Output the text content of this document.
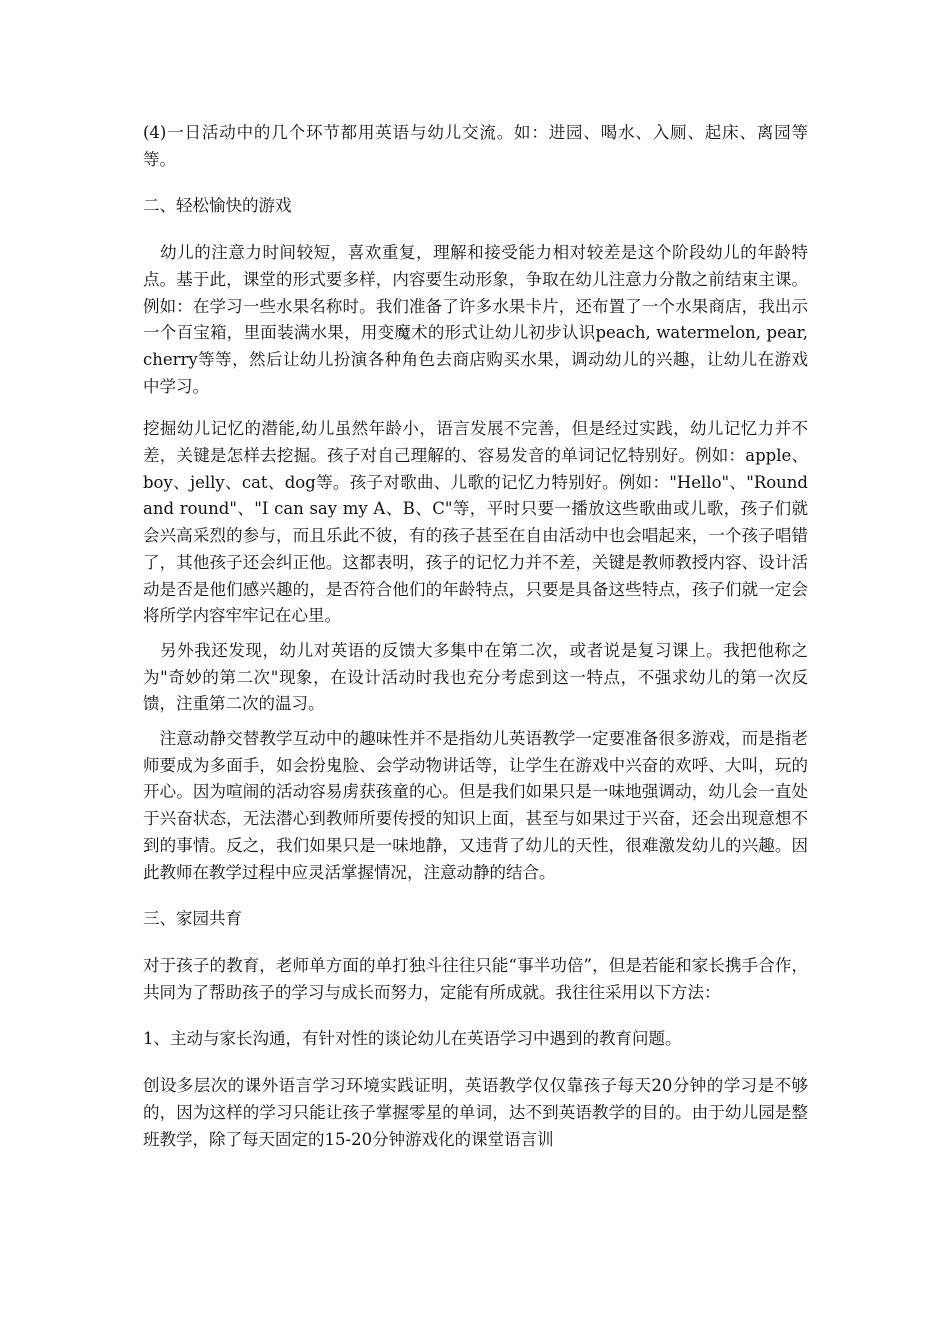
(4)一日活动中的几个环节都用英语与幼儿交流。如：进园、喝水、入厕、起床、离园等等。

二、轻松愉快的游戏

　幼儿的注意力时间较短，喜欢重复，理解和接受能力相对较差是这个阶段幼儿的年龄特点。基于此，课堂的形式要多样，内容要生动形象，争取在幼儿注意力分散之前结束主课。例如：在学习一些水果名称时。我们准备了许多水果卡片，还布置了一个水果商店，我出示一个百宝箱，里面装满水果，用变魔术的形式让幼儿初步认识peach, watermelon, pear, cherry等等，然后让幼儿扮演各种角色去商店购买水果，调动幼儿的兴趣，让幼儿在游戏中学习。

挖掘幼儿记忆的潜能,幼儿虽然年龄小，语言发展不完善，但是经过实践，幼儿记忆力并不差，关键是怎样去挖掘。孩子对自己理解的、容易发音的单词记忆特别好。例如：apple、boy、jelly、cat、dog等。孩子对歌曲、儿歌的记忆力特别好。例如："Hello"、"Round and round"、"I can say my A、B、C"等，平时只要一播放这些歌曲或儿歌，孩子们就会兴高采烈的参与，而且乐此不彼，有的孩子甚至在自由活动中也会唱起来，一个孩子唱错了，其他孩子还会纠正他。这都表明，孩子的记忆力并不差，关键是教师教授内容、设计活动是否是他们感兴趣的，是否符合他们的年龄特点，只要是具备这些特点，孩子们就一定会将所学内容牢牢记在心里。

　另外我还发现，幼儿对英语的反馈大多集中在第二次，或者说是复习课上。我把他称之为"奇妙的第二次"现象，在设计活动时我也充分考虑到这一特点，不强求幼儿的第一次反馈，注重第二次的温习。

　注意动静交替教学互动中的趣味性并不是指幼儿英语教学一定要准备很多游戏，而是指老师要成为多面手，如会扮鬼脸、会学动物讲话等，让学生在游戏中兴奋的欢呼、大叫，玩的开心。因为喧闹的活动容易虏获孩童的心。但是我们如果只是一味地强调动，幼儿会一直处于兴奋状态，无法潜心到教师所要传授的知识上面，甚至与如果过于兴奋，还会出现意想不到的事情。反之，我们如果只是一味地静，又违背了幼儿的天性，很难激发幼儿的兴趣。因此教师在教学过程中应灵活掌握情况，注意动静的结合。

三、家园共育

对于孩子的教育，老师单方面的单打独斗往往只能“事半功倍”，但是若能和家长携手合作，共同为了帮助孩子的学习与成长而努力，定能有所成就。我往往采用以下方法：

1、主动与家长沟通，有针对性的谈论幼儿在英语学习中遇到的教育问题。

创设多层次的课外语言学习环境实践证明，英语教学仅仅靠孩子每天20分钟的学习是不够的，因为这样的学习只能让孩子掌握零星的单词，达不到英语教学的目的。由于幼儿园是整班教学，除了每天固定的15-20分钟游戏化的课堂语言训
